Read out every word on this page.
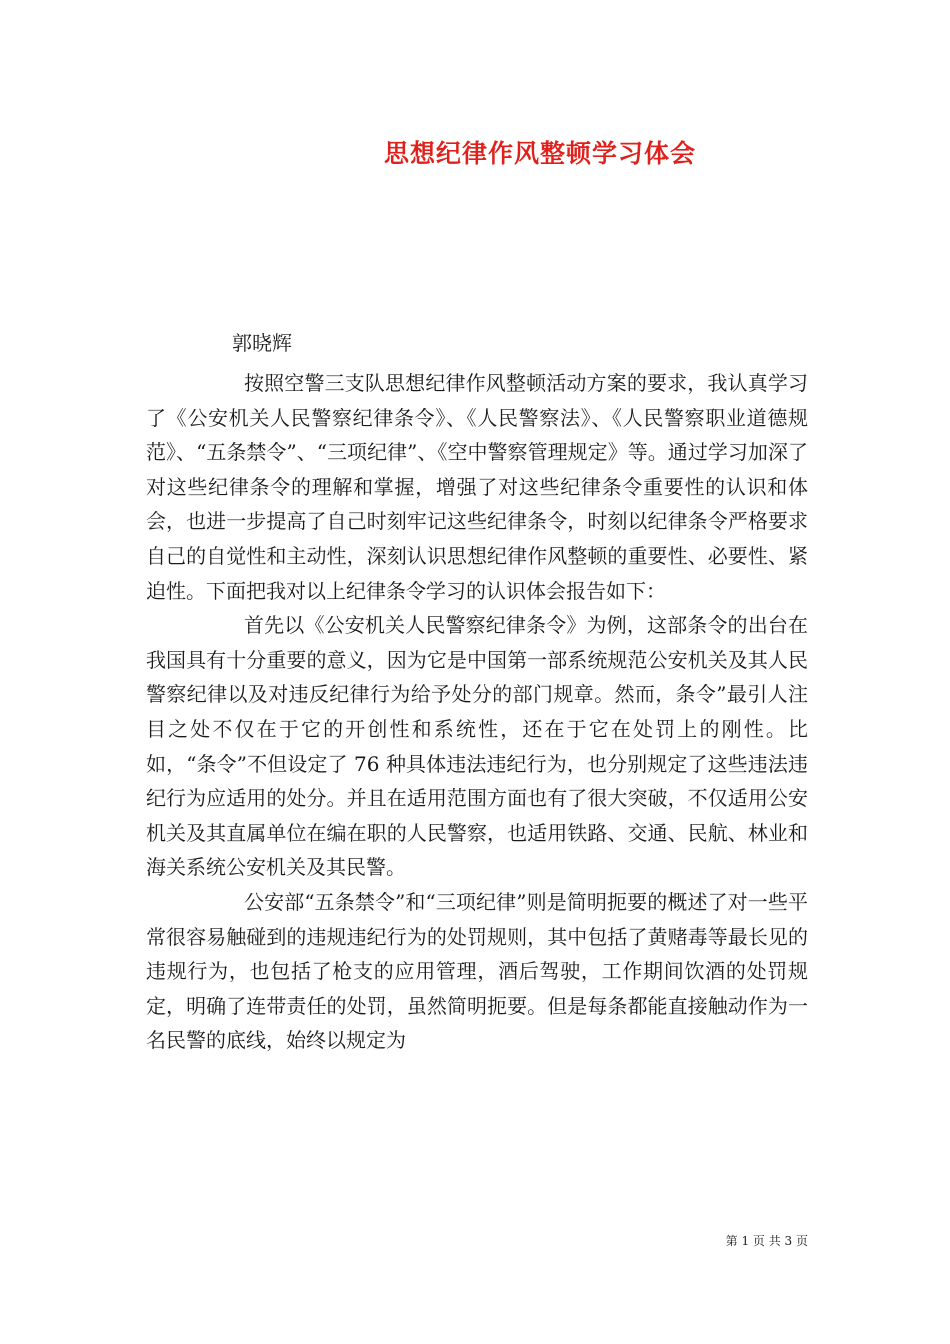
思想纪律作风整顿学习体会
郭晓辉

按照空警三支队思想纪律作风整顿活动方案的要求，我认真学习了《公安机关人民警察纪律条令》、《人民警察法》、《人民警察职业道德规范》、“五条禁令”、“三项纪律”、《空中警察管理规定》等。通过学习加深了对这些纪律条令的理解和掌握，增强了对这些纪律条令重要性的认识和体会，也进一步提高了自己时刻牢记这些纪律条令，时刻以纪律条令严格要求自己的自觉性和主动性，深刻认识思想纪律作风整顿的重要性、必要性、紧迫性。下面把我对以上纪律条令学习的认识体会报告如下：

首先以《公安机关人民警察纪律条令》为例，这部条令的出台在我国具有十分重要的意义，因为它是中国第一部系统规范公安机关及其人民警察纪律以及对违反纪律行为给予处分的部门规章。然而，条令”最引人注目之处不仅在于它的开创性和系统性，还在于它在处罚上的刚性。比如，“条令”不但设定了 76 种具体违法违纪行为，也分别规定了这些违法违纪行为应适用的处分。并且在适用范围方面也有了很大突破，不仅适用公安机关及其直属单位在编在职的人民警察，也适用铁路、交通、民航、林业和海关系统公安机关及其民警。

公安部“五条禁令”和“三项纪律”则是简明扼要的概述了对一些平常很容易触碰到的违规违纪行为的处罚规则，其中包括了黄赌毒等最长见的违规行为，也包括了枪支的应用管理，酒后驾驶，工作期间饮酒的处罚规定，明确了连带责任的处罚，虽然简明扼要。但是每条都能直接触动作为一名民警的底线，始终以规定为

第 1 页 共 3 页
